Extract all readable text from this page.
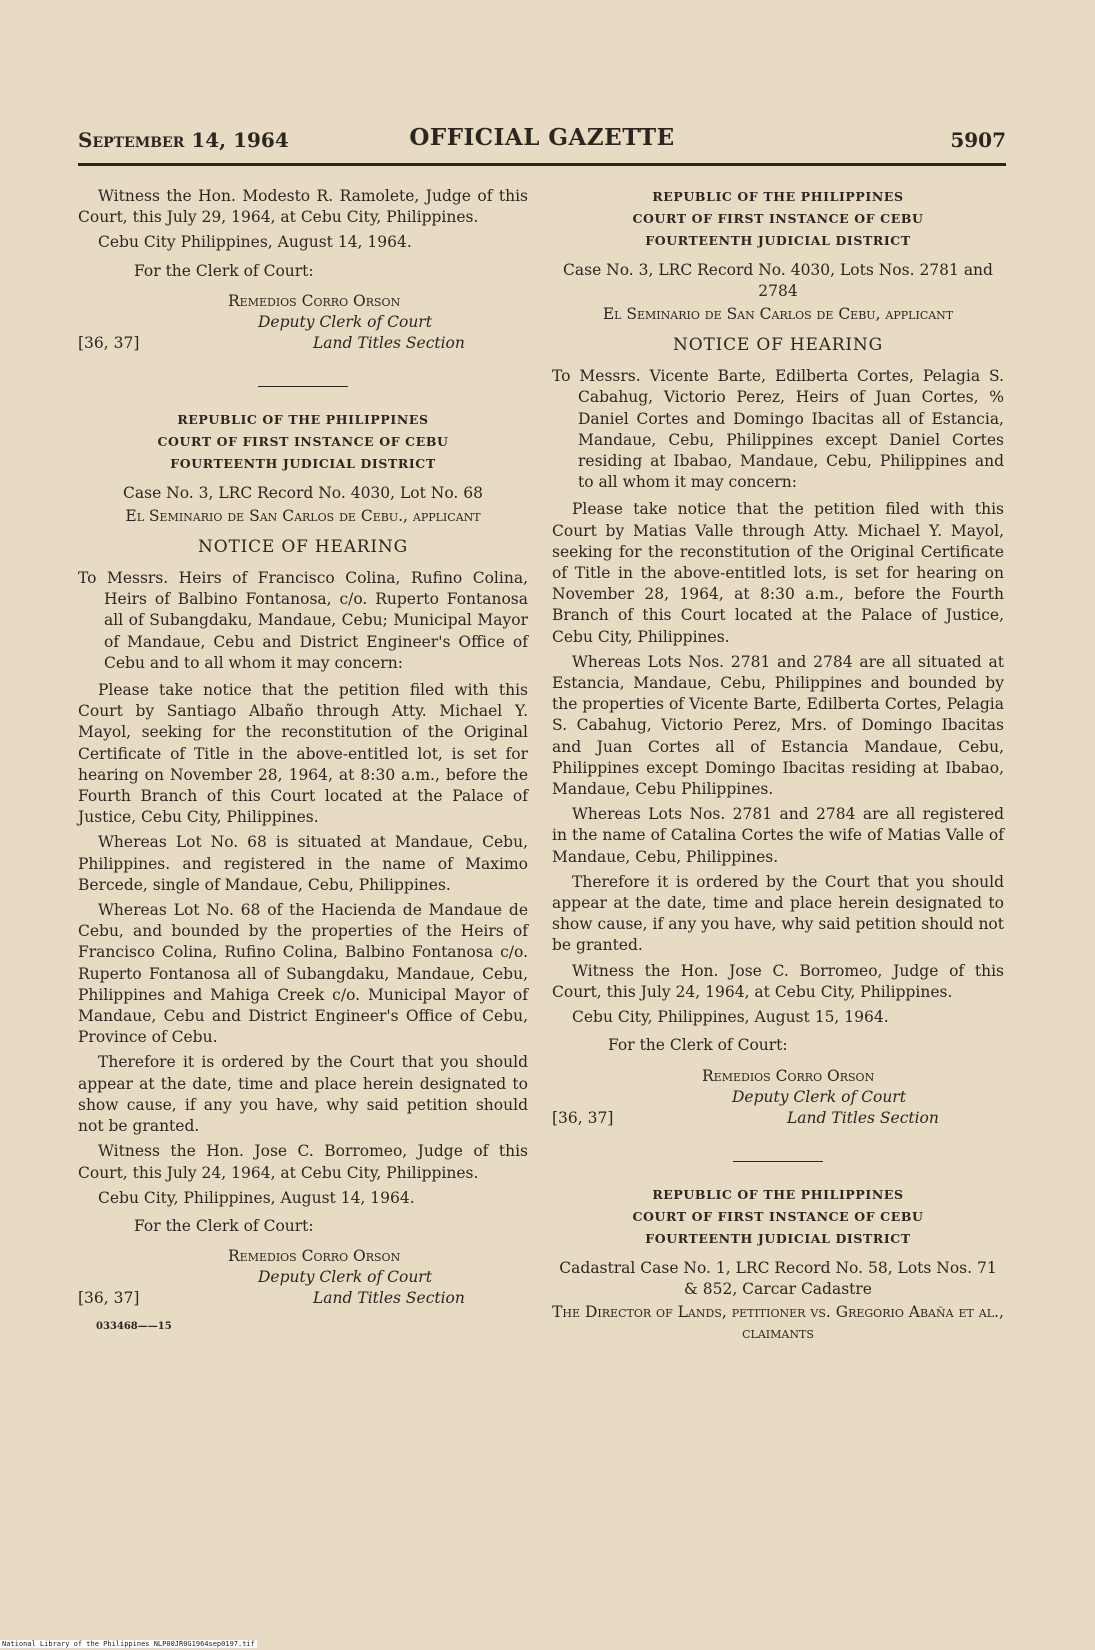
September 14, 1964	OFFICIAL GAZETTE	5907

Witness the Hon. Modesto R. Ramolete, Judge of this Court, this July 29, 1964, at Cebu City, Philippines.

Cebu City Philippines, August 14, 1964.

For the Clerk of Court:

Remedios Corro Orson
Deputy Clerk of Court
Land Titles Section
[36, 37]
REPUBLIC OF THE PHILIPPINES
COURT OF FIRST INSTANCE OF CEBU
FOURTEENTH JUDICIAL DISTRICT

Case No. 3, LRC Record No. 4030, Lot No. 68

El Seminario de San Carlos de Cebu., applicant

NOTICE OF HEARING

To Messrs. Heirs of Francisco Colina, Rufino Colina, Heirs of Balbino Fontanosa, c/o. Ruperto Fontanosa all of Subangdaku, Mandaue, Cebu; Municipal Mayor of Mandaue, Cebu and District Engineer's Office of Cebu and to all whom it may concern:

Please take notice that the petition filed with this Court by Santiago Albaño through Atty. Michael Y. Mayol, seeking for the reconstitution of the Original Certificate of Title in the above-entitled lot, is set for hearing on November 28, 1964, at 8:30 a.m., before the Fourth Branch of this Court located at the Palace of Justice, Cebu City, Philippines.

Whereas Lot No. 68 is situated at Mandaue, Cebu, Philippines. and registered in the name of Maximo Bercede, single of Mandaue, Cebu, Philippines.

Whereas Lot No. 68 of the Hacienda de Mandaue de Cebu, and bounded by the properties of the Heirs of Francisco Colina, Rufino Colina, Balbino Fontanosa c/o. Ruperto Fontanosa all of Subangdaku, Mandaue, Cebu, Philippines and Mahiga Creek c/o. Municipal Mayor of Mandaue, Cebu and District Engineer's Office of Cebu, Province of Cebu.

Therefore it is ordered by the Court that you should appear at the date, time and place herein designated to show cause, if any you have, why said petition should not be granted.

Witness the Hon. Jose C. Borromeo, Judge of this Court, this July 24, 1964, at Cebu City, Philippines.

Cebu City, Philippines, August 14, 1964.

For the Clerk of Court:

Remedios Corro Orson
Deputy Clerk of Court
Land Titles Section
[36, 37]
033468——15
REPUBLIC OF THE PHILIPPINES
COURT OF FIRST INSTANCE OF CEBU
FOURTEENTH JUDICIAL DISTRICT

Case No. 3, LRC Record No. 4030, Lots Nos. 2781 and 2784

El Seminario de San Carlos de Cebu, applicant

NOTICE OF HEARING

To Messrs. Vicente Barte, Edilberta Cortes, Pelagia S. Cabahug, Victorio Perez, Heirs of Juan Cortes, % Daniel Cortes and Domingo Ibacitas all of Estancia, Mandaue, Cebu, Philippines except Daniel Cortes residing at Ibabao, Mandaue, Cebu, Philippines and to all whom it may concern:

Please take notice that the petition filed with this Court by Matias Valle through Atty. Michael Y. Mayol, seeking for the reconstitution of the Original Certificate of Title in the above-entitled lots, is set for hearing on November 28, 1964, at 8:30 a.m., before the Fourth Branch of this Court located at the Palace of Justice, Cebu City, Philippines.

Whereas Lots Nos. 2781 and 2784 are all situated at Estancia, Mandaue, Cebu, Philippines and bounded by the properties of Vicente Barte, Edilberta Cortes, Pelagia S. Cabahug, Victorio Perez, Mrs. of Domingo Ibacitas and Juan Cortes all of Estancia Mandaue, Cebu, Philippines except Domingo Ibacitas residing at Ibabao, Mandaue, Cebu Philippines.

Whereas Lots Nos. 2781 and 2784 are all registered in the name of Catalina Cortes the wife of Matias Valle of Mandaue, Cebu, Philippines.

Therefore it is ordered by the Court that you should appear at the date, time and place herein designated to show cause, if any you have, why said petition should not be granted.

Witness the Hon. Jose C. Borromeo, Judge of this Court, this July 24, 1964, at Cebu City, Philippines.

Cebu City, Philippines, August 15, 1964.

For the Clerk of Court:

Remedios Corro Orson
Deputy Clerk of Court
Land Titles Section
[36, 37]
REPUBLIC OF THE PHILIPPINES
COURT OF FIRST INSTANCE OF CEBU
FOURTEENTH JUDICIAL DISTRICT

Cadastral Case No. 1, LRC Record No. 58, Lots Nos. 71 & 852, Carcar Cadastre

The Director of Lands, petitioner vs. Gregorio Abaña et al., claimants

National Library of the Philippines NLP00JR0G1964sep0197.tif
